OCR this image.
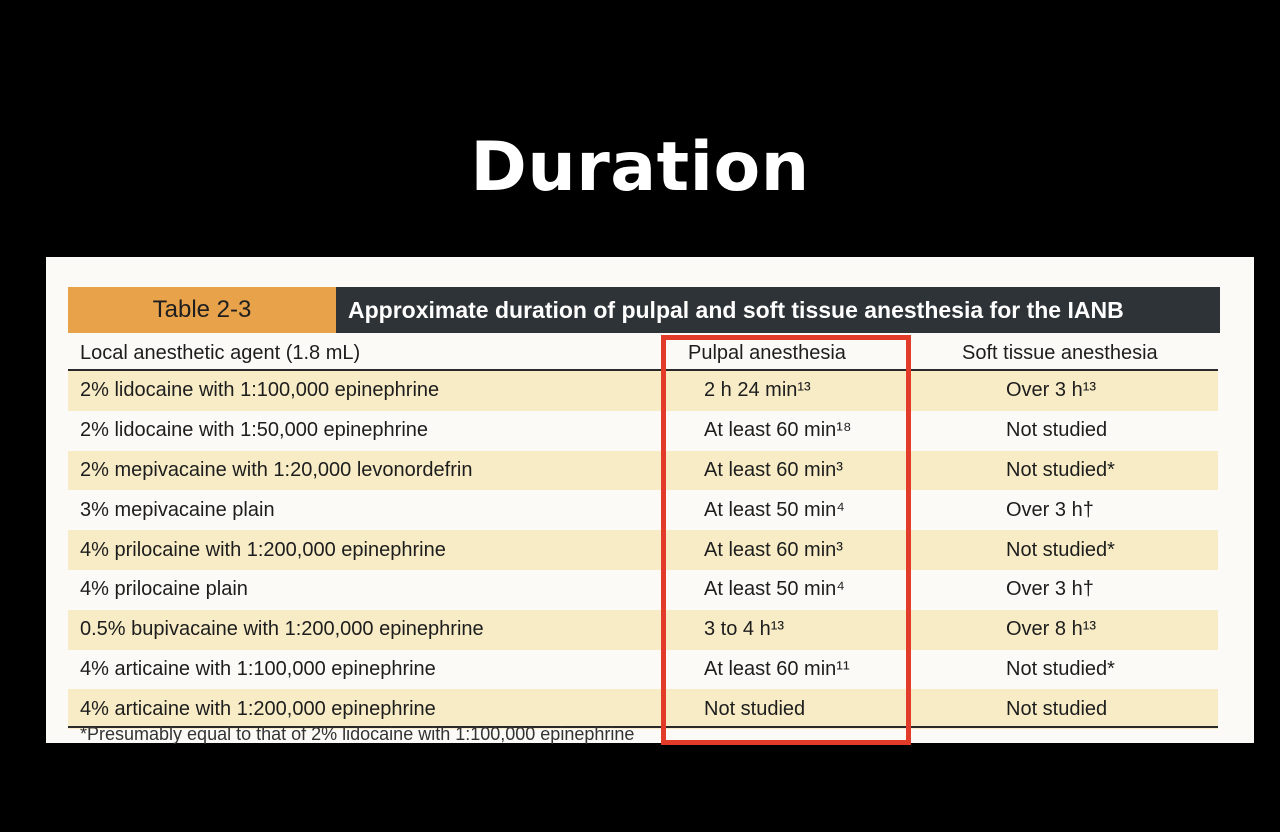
Duration
Table 2-3	Approximate duration of pulpal and soft tissue anesthesia for the IANB
Local anesthetic agent (1.8 mL)	Pulpal anesthesia	Soft tissue anesthesia
2% lidocaine with 1:100,000 epinephrine	2 h 24 min¹³	Over 3 h¹³
2% lidocaine with 1:50,000 epinephrine	At least 60 min¹⁸	Not studied
2% mepivacaine with 1:20,000 levonordefrin	At least 60 min³	Not studied*
3% mepivacaine plain	At least 50 min⁴	Over 3 h†
4% prilocaine with 1:200,000 epinephrine	At least 60 min³	Not studied*
4% prilocaine plain	At least 50 min⁴	Over 3 h†
0.5% bupivacaine with 1:200,000 epinephrine	3 to 4 h¹³	Over 8 h¹³
4% articaine with 1:100,000 epinephrine	At least 60 min¹¹	Not studied*
4% articaine with 1:200,000 epinephrine	Not studied	Not studied
*Presumably equal to that of 2% lidocaine with 1:100,000 epinephrine
